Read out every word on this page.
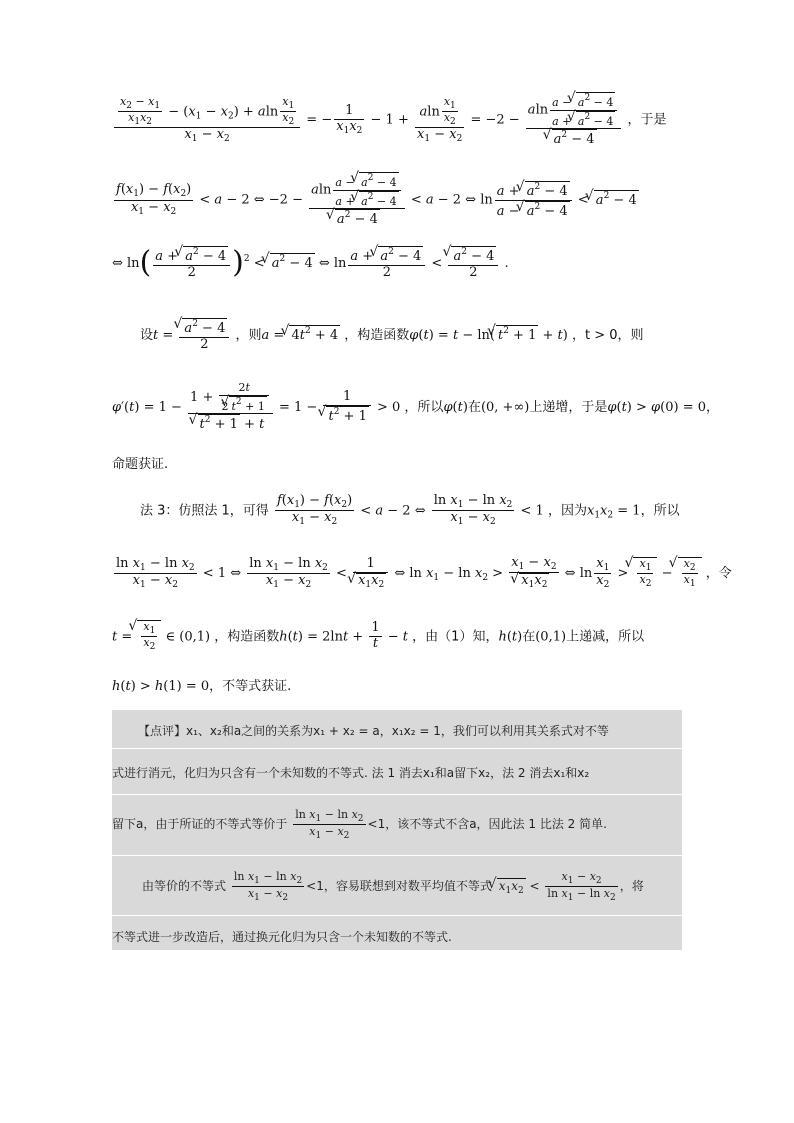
$\frac{\frac{x_2 - x_1}{x_1x_2} - (x_1 - x_2) + aln \frac{x_1}{x_2}}{x_1 - x_2}$ = − $\frac{1}{x_1x_2} - 1 + \frac{aln \frac{x_1}{x_2}}{x_1 - x_2} = -2 - aln \frac{a - √ a^2 - 4}{a + √ a^2 - 4}$
√ $a^2 - 4$ ，于是
$\frac{f(x_1) - f(x_2)}{x_1 - x_2} < a - 2$ ⇔ −2 − aln $\frac{a - √ a^2 - 4}{a + √ a^2 - 4}$
√ $a^2 - 4 < a - 2$ ⇔ $\ln \frac{a + √ a^2 - 4}{a - √ a^2 - 4}$ < √ $a^2 - 4$
⇔ $\ln( \frac{a + √ a^2 - 4}{2} )^2$ < √ $a^2 - 4$ ⇔ $\ln \frac{a + √ a^2 - 4}{2}$ < √ $\frac{a^2 - 4}{2}$ .
设t = √ $\frac{a^2 - 4}{2}$ ，则a = √ $4t^2 + 4$ ，构造函数φ(t) = t − ln( √ $t^2 + 1 + t$) ，t > 0，则
$\varphi'(t) = 1 - 1 + \frac{2t}{2 √ t^2 + 1}$
√ $t^2 + 1 + t = 1 - 1$
√ $t^2 + 1 > 0$ ，所以φ(t)在(0, +∞)上递增，于是φ(t) > φ(0) = 0，
命题获证.
法 3：仿照法 1，可得 $\frac{f(x_1) - f(x_2)}{x_1 - x_2} < a - 2$ ⇔ $\frac{\ln x_1 - \ln x_2}{x_1 - x_2} < 1$ ，因为$x_1x_2 = 1$，所以
$\frac{\ln x_1 - \ln x_2}{x_1 - x_2} < 1$ ⇔ $\frac{\ln x_1 - \ln x_2}{x_1 - x_2} < 1$
√ $x_1x_2$ ⇔ $\ln x_1 - \ln x_2 > x_1 - x_2$
√ $x_1x_2$ ⇔ $\ln \frac{x_1}{x_2}$ > √ $\frac{x_1}{x_2}$ − √ $\frac{x_2}{x_1}$ ，令
t = √ $\frac{x_1}{x_2}$ ∈ (0,1) ，构造函数$h(t) = 2\ln t + \frac{1}{t} - t$ ，由（1）知，h(t)在(0,1)上递减，所以
h(t) > h(1) = 0，不等式获证.
【点评】x₁、x₂和a之间的关系为x₁ + x₂ = a，x₁x₂ = 1，我们可以利用其关系式对不等
式进行消元，化归为只含有一个未知数的不等式. 法 1 消去x₁和a留下x₂，法 2 消去x₁和x₂
留下a，由于所证的不等式等价于 $\frac{\ln x_1 - \ln x_2}{x_1 - x_2} <1$，该不等式不含a，因此法 1 比法 2 简单.
由等价的不等式 $\frac{\ln x_1 - \ln x_2}{x_1 - x_2} <1$，容易联想到对数平均值不等式 √ $x_1x_2 < \frac{x_1 - x_2}{\ln x_1 - \ln x_2}$ ，将
不等式进一步改造后，通过换元化归为只含一个未知数的不等式.
